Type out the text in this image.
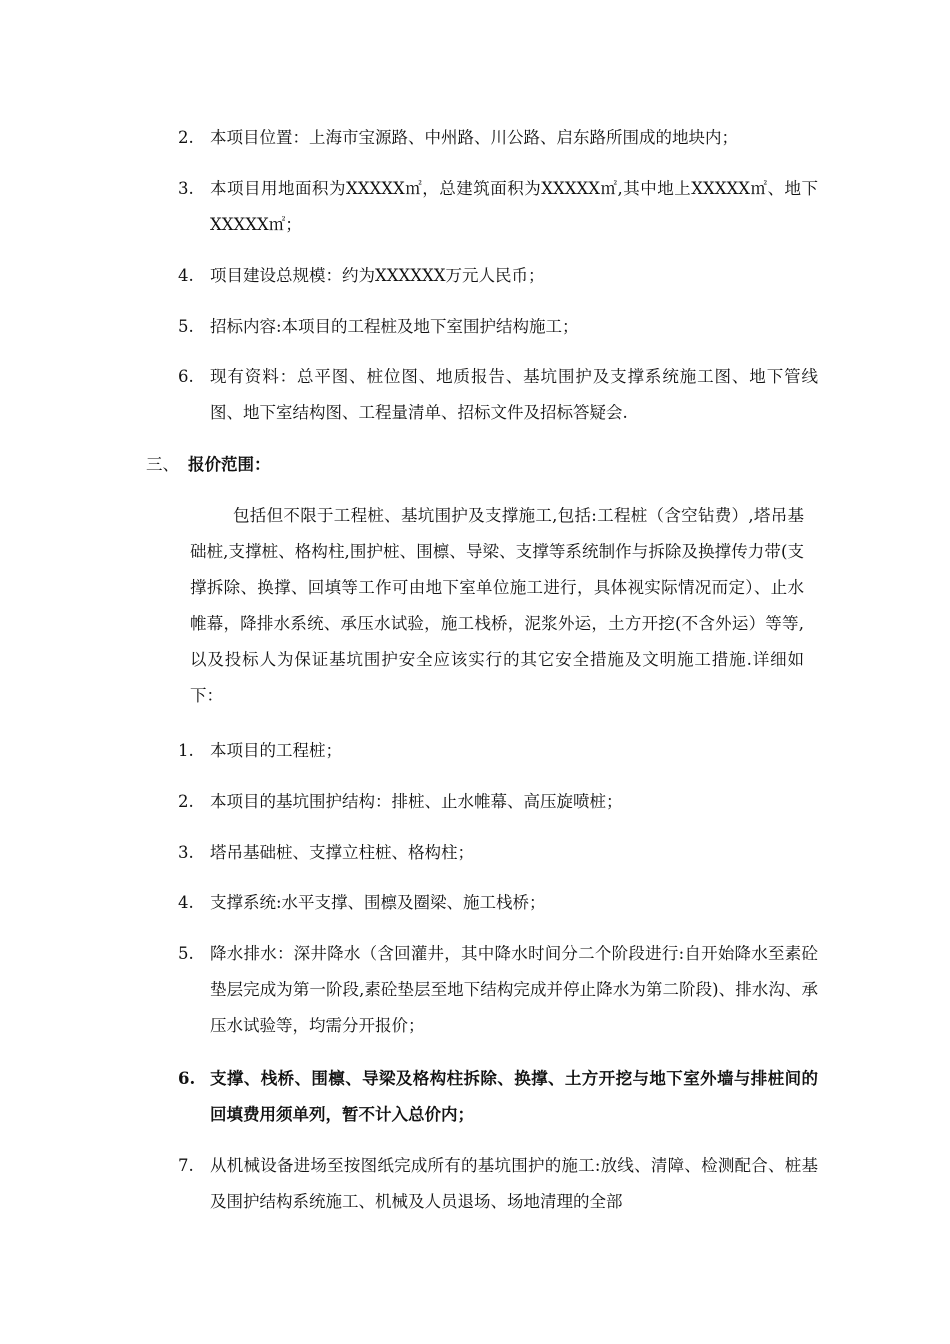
2. 本项目位置：上海市宝源路、中州路、川公路、启东路所围成的地块内；
3. 本项目用地面积为XXXXX㎡，总建筑面积为XXXXX㎡,其中地上XXXXX㎡、地下XXXXX㎡；
4. 项目建设总规模：约为XXXXXX万元人民币；
5. 招标内容:本项目的工程桩及地下室围护结构施工；
6. 现有资料：总平图、桩位图、地质报告、基坑围护及支撑系统施工图、地下管线图、地下室结构图、工程量清单、招标文件及招标答疑会.
三、 报价范围：
包括但不限于工程桩、基坑围护及支撑施工,包括:工程桩（含空钻费）,塔吊基础桩,支撑桩、格构柱,围护桩、围檩、导梁、支撑等系统制作与拆除及换撑传力带(支撑拆除、换撑、回填等工作可由地下室单位施工进行，具体视实际情况而定）、止水帷幕，降排水系统、承压水试验，施工栈桥，泥浆外运，土方开挖(不含外运）等等,以及投标人为保证基坑围护安全应该实行的其它安全措施及文明施工措施.详细如下：
1. 本项目的工程桩；
2. 本项目的基坑围护结构：排桩、止水帷幕、高压旋喷桩；
3. 塔吊基础桩、支撑立柱桩、格构柱；
4. 支撑系统:水平支撑、围檩及圈梁、施工栈桥；
5. 降水排水：深井降水（含回灌井，其中降水时间分二个阶段进行:自开始降水至素砼垫层完成为第一阶段,素砼垫层至地下结构完成并停止降水为第二阶段)、排水沟、承压水试验等，均需分开报价；
6. 支撑、栈桥、围檩、导梁及格构柱拆除、换撑、土方开挖与地下室外墙与排桩间的回填费用须单列，暂不计入总价内；
7. 从机械设备进场至按图纸完成所有的基坑围护的施工:放线、清障、检测配合、桩基及围护结构系统施工、机械及人员退场、场地清理的全部
